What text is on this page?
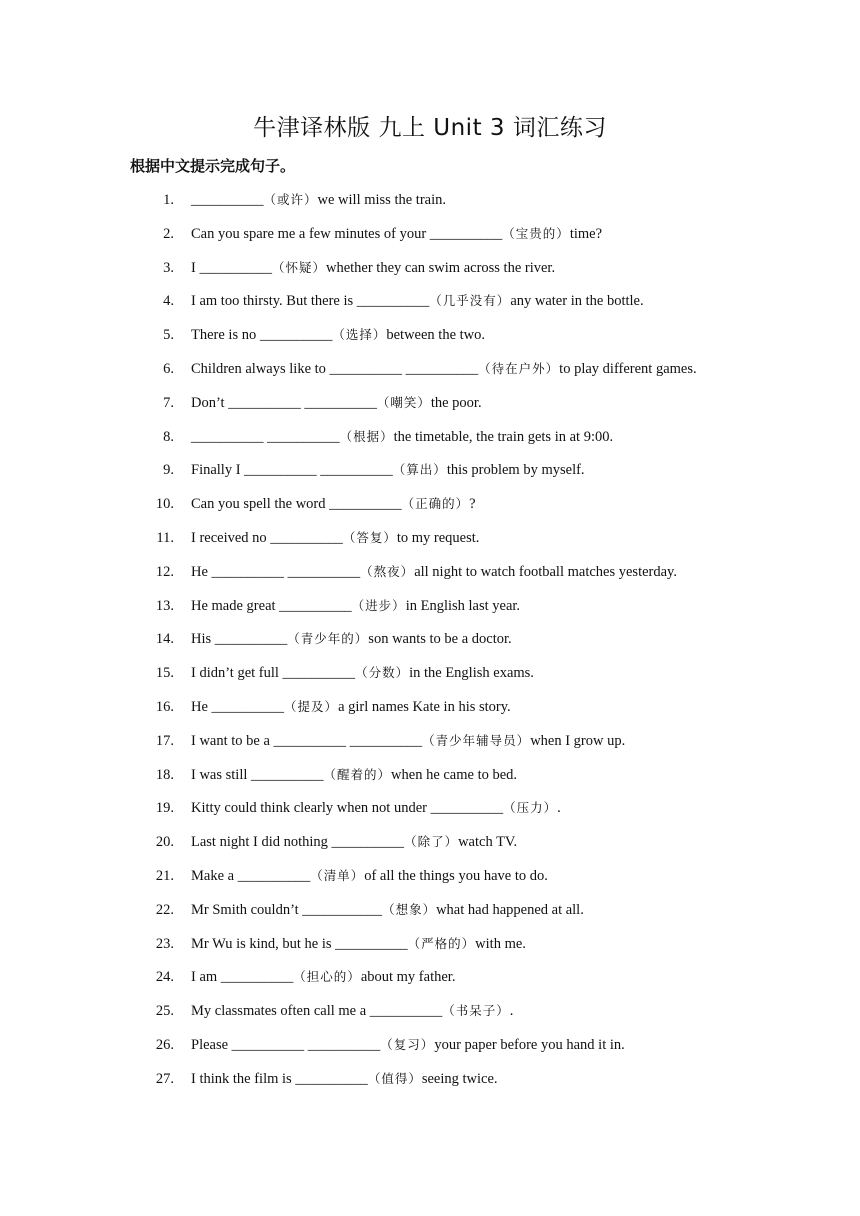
牛津译林版 九上 Unit 3 词汇练习
根据中文提示完成句子。
1. __________（或许）we will miss the train.
2. Can you spare me a few minutes of your __________（宝贵的）time?
3. I __________（怀疑）whether they can swim across the river.
4. I am too thirsty. But there is __________（几乎没有）any water in the bottle.
5. There is no __________（选择）between the two.
6. Children always like to __________ __________（待在户外）to play different games.
7. Don’t __________ __________（嘲笑）the poor.
8. __________ __________（根据）the timetable, the train gets in at 9:00.
9. Finally I __________ __________（算出）this problem by myself.
10. Can you spell the word __________（正确的）?
11. I received no __________（答复）to my request.
12. He __________ __________（熬夜）all night to watch football matches yesterday.
13. He made great __________（进步）in English last year.
14. His __________（青少年的）son wants to be a doctor.
15. I didn’t get full __________（分数）in the English exams.
16. He __________（提及）a girl names Kate in his story.
17. I want to be a __________ __________（青少年辅导员）when I grow up.
18. I was still __________（醒着的）when he came to bed.
19. Kitty could think clearly when not under __________（压力）.
20. Last night I did nothing __________（除了）watch TV.
21. Make a __________（清单）of all the things you have to do.
22. Mr Smith couldn’t ___________（想象）what had happened at all.
23. Mr Wu is kind, but he is __________（严格的）with me.
24. I am __________（担心的）about my father.
25. My classmates often call me a __________（书呆子）.
26. Please __________ __________（复习）your paper before you hand it in.
27. I think the film is __________（值得）seeing twice.
